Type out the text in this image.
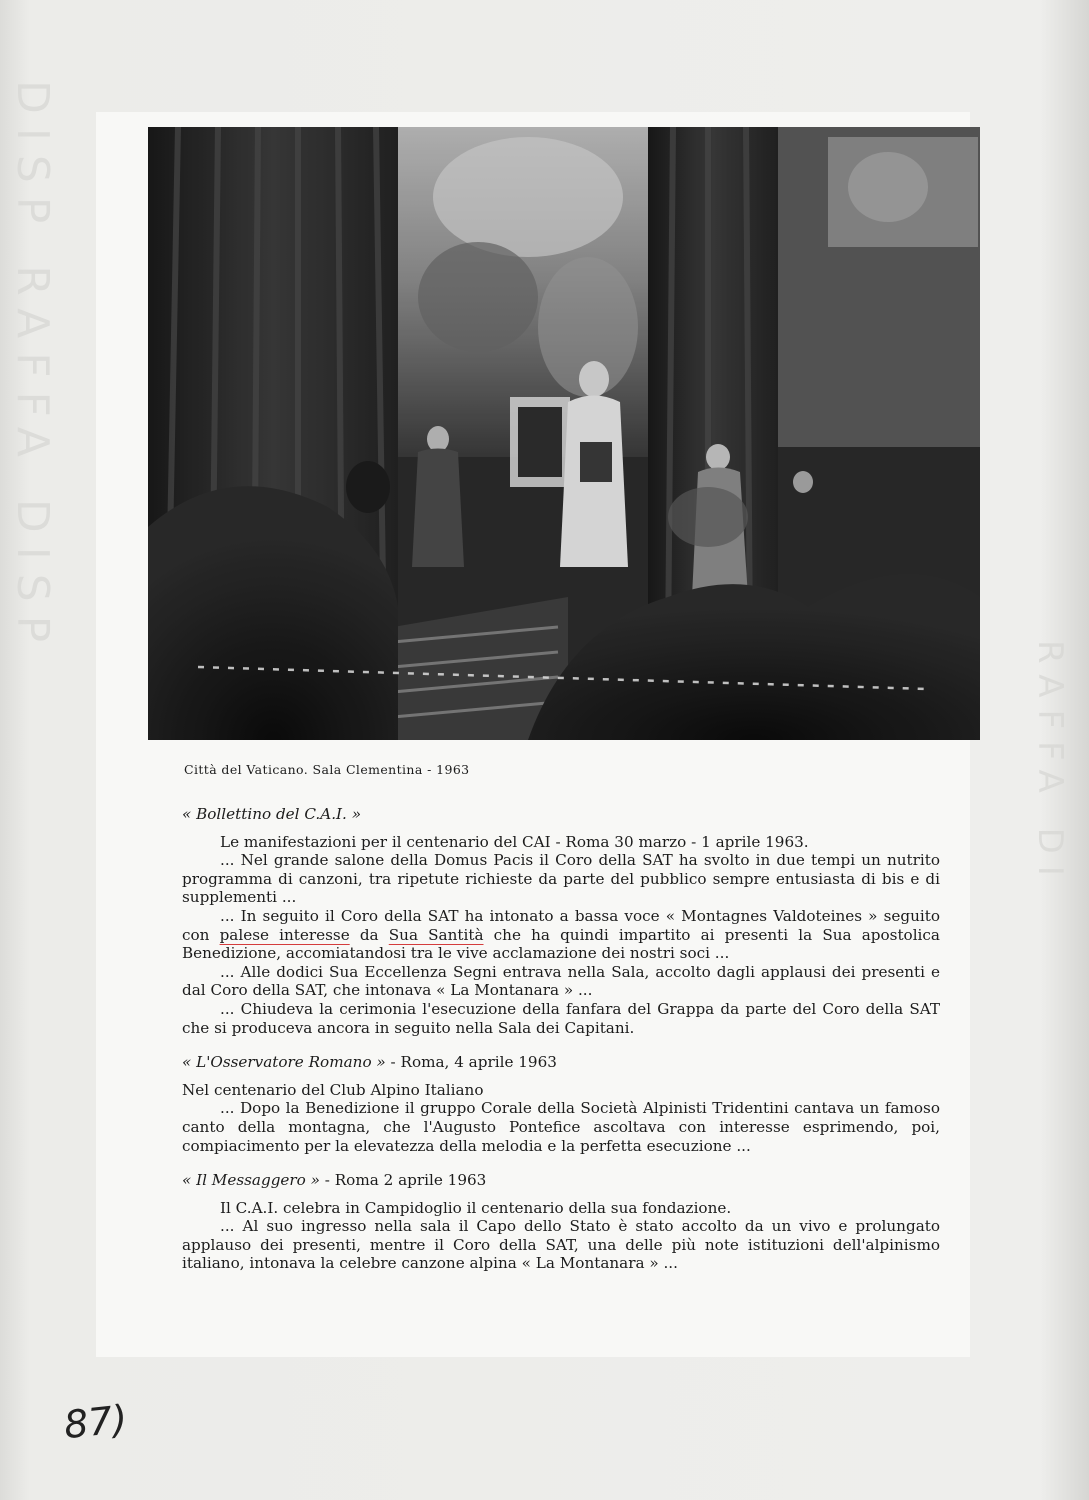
DISP RAFFA DISP
RAFFA DI
Città del Vaticano. Sala Clementina - 1963

« Bollettino del C.A.I. »

Le manifestazioni per il centenario del CAI - Roma 30 marzo - 1 aprile 1963.

... Nel grande salone della Domus Pacis il Coro della SAT ha svolto in due tempi un nutrito programma di canzoni, tra ripetute richieste da parte del pubblico sempre entusiasta di bis e di supplementi ...

... In seguito il Coro della SAT ha intonato a bassa voce « Montagnes Valdoteines » seguito con palese interesse da Sua Santità che ha quindi impartito ai presenti la Sua apostolica Benedizione, accomiatandosi tra le vive acclamazione dei nostri soci ...

... Alle dodici Sua Eccellenza Segni entrava nella Sala, accolto dagli applausi dei presenti e dal Coro della SAT, che intonava « La Montanara » ...

... Chiudeva la cerimonia l'esecuzione della fanfara del Grappa da parte del Coro della SAT che si produceva ancora in seguito nella Sala dei Capitani.

« L'Osservatore Romano » - Roma, 4 aprile 1963

Nel centenario del Club Alpino Italiano

... Dopo la Benedizione il gruppo Corale della Società Alpinisti Tridentini cantava un famoso canto della montagna, che l'Augusto Pontefice ascoltava con interesse esprimendo, poi, compiacimento per la elevatezza della melodia e la perfetta esecuzione ...

« Il Messaggero » - Roma 2 aprile 1963

Il C.A.I. celebra in Campidoglio il centenario della sua fondazione.

... Al suo ingresso nella sala il Capo dello Stato è stato accolto da un vivo e prolungato applauso dei presenti, mentre il Coro della SAT, una delle più note istituzioni dell'alpinismo italiano, intonava la celebre canzone alpina « La Montanara » ...

87)
